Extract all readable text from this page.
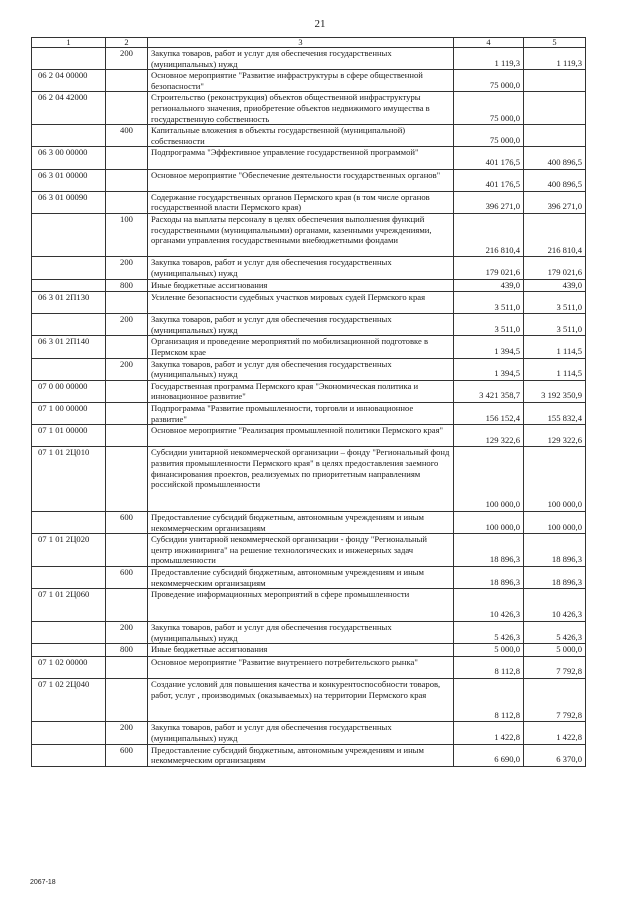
21
1	2	3	4	5
	200	Закупка товаров, работ и услуг для обеспечения государственных (муниципальных) нужд	1 119,3	1 119,3
06 2 04 00000		Основное мероприятие "Развитие инфраструктуры в сфере общественной безопасности"	75 000,0	
06 2 04 42000		Строительство (реконструкция) объектов общественной инфраструктуры регионального значения, приобретение объектов недвижимого имущества в государственную собственность	75 000,0	
	400	Капитальные вложения в объекты государственной (муниципальной) собственности	75 000,0	
06 3 00 00000		Подпрограмма "Эффективное управление государственной программой"	401 176,5	400 896,5
06 3 01 00000		Основное мероприятие "Обеспечение деятельности государственных органов"	401 176,5	400 896,5
06 3 01 00090		Содержание государственных органов Пермского края (в том числе органов государственной власти Пермского края)	396 271,0	396 271,0
	100	Расходы на выплаты персоналу в целях обеспечения выполнения функций государственными (муниципальными) органами, казенными учреждениями, органами управления государственными внебюджетными фондами	216 810,4	216 810,4
	200	Закупка товаров, работ и услуг для обеспечения государственных (муниципальных) нужд	179 021,6	179 021,6
	800	Иные бюджетные ассигнования	439,0	439,0
06 3 01 2П130		Усиление безопасности судебных участков мировых судей Пермского края	3 511,0	3 511,0
	200	Закупка товаров, работ и услуг для обеспечения государственных (муниципальных) нужд	3 511,0	3 511,0
06 3 01 2П140		Организация и проведение мероприятий по мобилизационной подготовке в Пермском крае	1 394,5	1 114,5
	200	Закупка товаров, работ и услуг для обеспечения государственных (муниципальных) нужд	1 394,5	1 114,5
07 0 00 00000		Государственная программа Пермского края "Экономическая политика и инновационное развитие"	3 421 358,7	3 192 350,9
07 1 00 00000		Подпрограмма "Развитие промышленности, торговли и инновационное развитие"	156 152,4	155 832,4
07 1 01 00000		Основное мероприятие "Реализация промышленной политики Пермского края"	129 322,6	129 322,6
07 1 01 2Ц010		Субсидии унитарной некоммерческой организации – фонду "Региональный фонд развития промышленности Пермского края" в целях предоставления заемного финансирования проектов, реализуемых по приоритетным направлениям российской промышленности	100 000,0	100 000,0
	600	Предоставление субсидий бюджетным, автономным учреждениям и иным некоммерческим организациям	100 000,0	100 000,0
07 1 01 2Ц020		Субсидии унитарной некоммерческой организации - фонду "Региональный центр инжиниринга" на решение технологических и инженерных задач промышленности	18 896,3	18 896,3
	600	Предоставление субсидий бюджетным, автономным учреждениям и иным некоммерческим организациям	18 896,3	18 896,3
07 1 01 2Ц060		Проведение информационных мероприятий в сфере промышленности	10 426,3	10 426,3
	200	Закупка товаров, работ и услуг для обеспечения государственных (муниципальных) нужд	5 426,3	5 426,3
	800	Иные бюджетные ассигнования	5 000,0	5 000,0
07 1 02 00000		Основное мероприятие "Развитие внутреннего потребительского рынка"	8 112,8	7 792,8
07 1 02 2Ц040		Создание условий для повышения качества и конкурентоспособности товаров, работ, услуг , производимых (оказываемых) на территории Пермского края	8 112,8	7 792,8
	200	Закупка товаров, работ и услуг для обеспечения государственных (муниципальных) нужд	1 422,8	1 422,8
	600	Предоставление субсидий бюджетным, автономным учреждениям и иным некоммерческим организациям	6 690,0	6 370,0
2067-18
